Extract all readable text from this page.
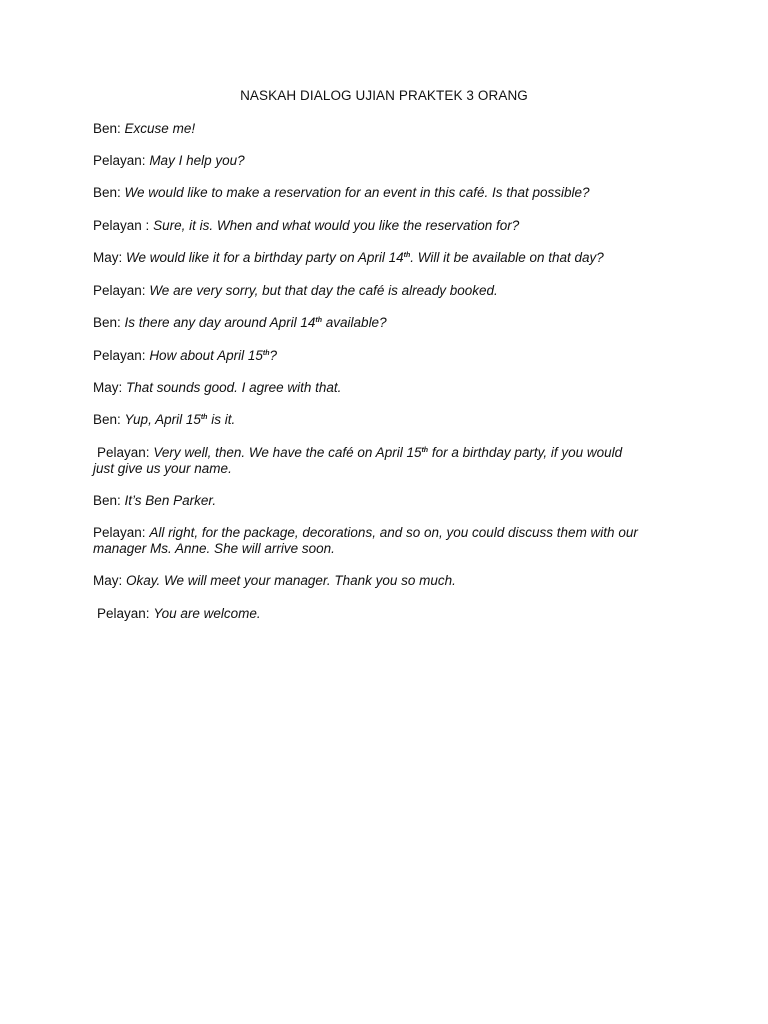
NASKAH DIALOG UJIAN PRAKTEK 3 ORANG
Ben: Excuse me!
Pelayan: May I help you?
Ben: We would like to make a reservation for an event in this café. Is that possible?
Pelayan : Sure, it is. When and what would you like the reservation for?
May: We would like it for a birthday party on April 14th. Will it be available on that day?
Pelayan: We are very sorry, but that day the café is already booked.
Ben: Is there any day around April 14th available?
Pelayan: How about April 15th?
May: That sounds good. I agree with that.
Ben: Yup, April 15th is it.
Pelayan: Very well, then. We have the café on April 15th for a birthday party, if you would
just give us your name.
Ben: It’s Ben Parker.
Pelayan: All right, for the package, decorations, and so on, you could discuss them with our
manager Ms. Anne. She will arrive soon.
May: Okay. We will meet your manager. Thank you so much.
Pelayan: You are welcome.
